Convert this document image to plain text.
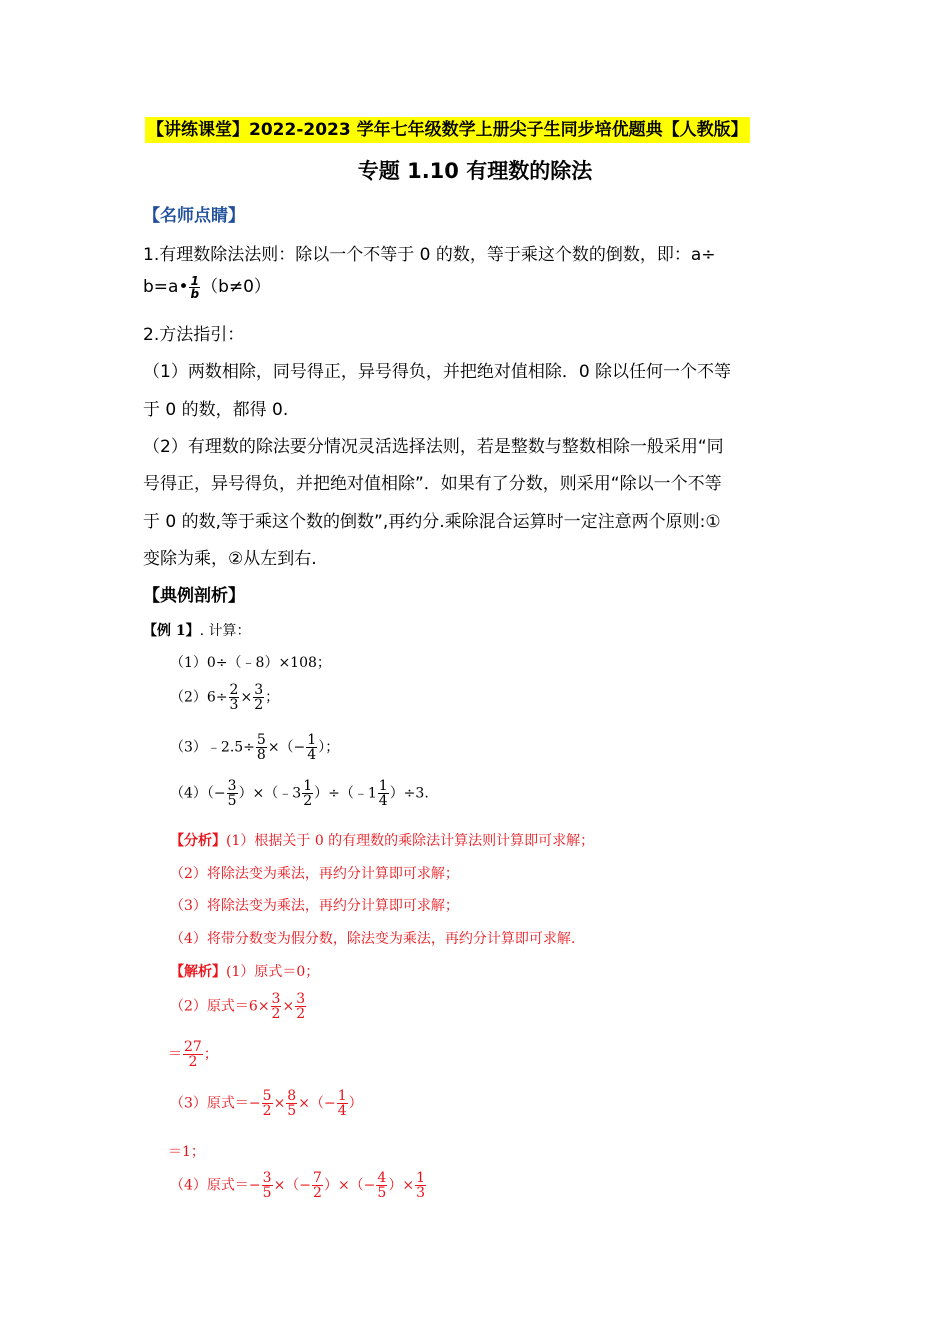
【讲练课堂】2022-2023 学年七年级数学上册尖子生同步培优题典【人教版】
专题 1.10 有理数的除法
【名师点睛】
1.有理数除法法则：除以一个不等于 0 的数，等于乘这个数的倒数，即：a÷
b=a• $\frac{1}{b} (b\ne 0)$
2.方法指引：
（1）两数相除，同号得正，异号得负，并把绝对值相除．0 除以任何一个不等
于 0 的数，都得 0.
（2）有理数的除法要分情况灵活选择法则，若是整数与整数相除一般采用“同
号得正，异号得负，并把绝对值相除”．如果有了分数，则采用“除以一个不等
于 0 的数,等于乘这个数的倒数”,再约分.乘除混合运算时一定注意两个原则:①
变除为乘，②从左到右.
【典例剖析】
【例 1】. 计算：
（1）0÷（﹣8）×108；
$(2)6\div \frac{2}{3} \times \frac{3}{2}$ ；
（3）﹣2.5÷ $\frac{5}{8}$ ×（− $\frac{1}{4}$ ）；
$(4)(- \frac{3}{5}$ ）×（﹣3 $\frac{1}{2}$ ）÷（﹣1 $\frac{1}{4} )\div 3$.
【分析】(1）根据关于 0 的有理数的乘除法计算法则计算即可求解；
（2）将除法变为乘法，再约分计算即可求解；
（3）将除法变为乘法，再约分计算即可求解；
（4）将带分数变为假分数，除法变为乘法，再约分计算即可求解.
【解析】(1）原式＝0；
（2）原式$=6\times \frac{3}{2} \times \frac{3}{2}$
＝ $\frac{27}{2}$ ；
（3）原式＝− $\frac{5}{2} \times \frac{8}{5}$ ×（− $\frac{1}{4}$ ）
＝1；
（4）原式＝− $\frac{3}{5}$ ×（− $\frac{7}{2}$ ）×（− $\frac{4}{5}$ ）× $\frac{1}{3}$
